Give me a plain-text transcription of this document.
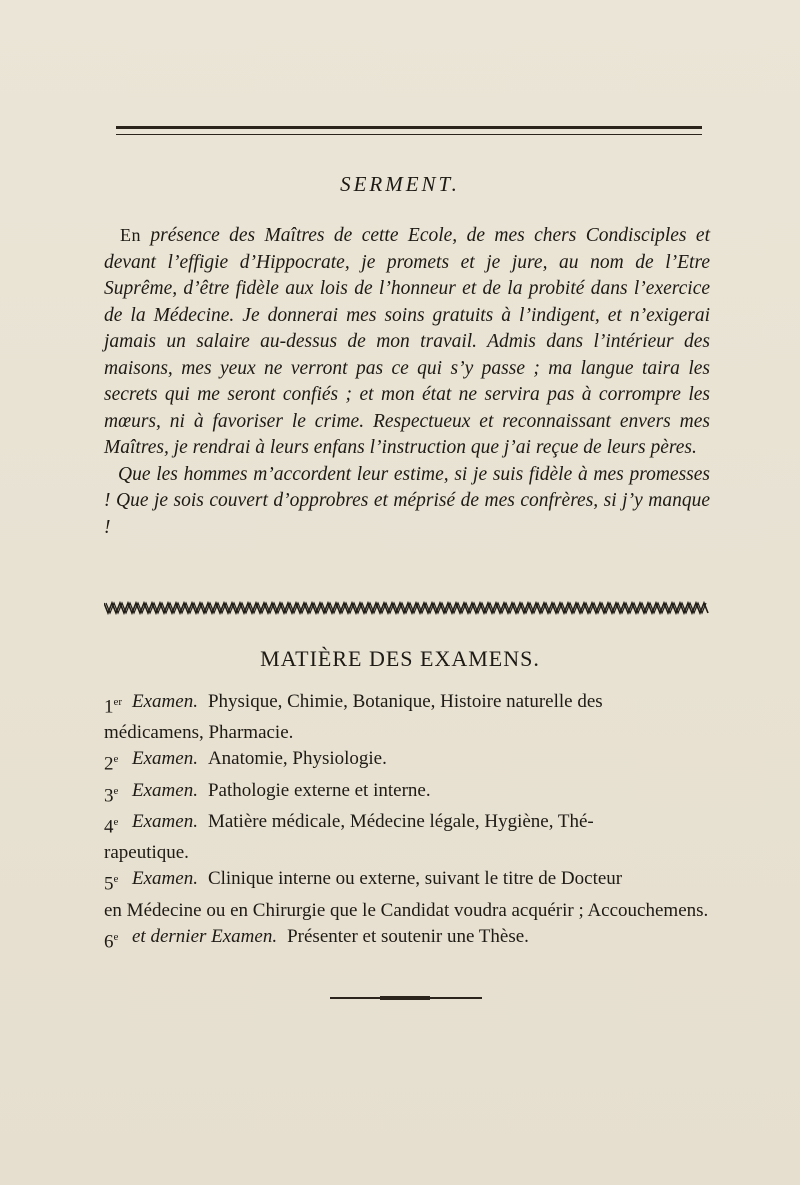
SERMENT.

En présence des Maîtres de cette Ecole, de mes chers Condisciples et devant l’effigie d’Hippocrate, je promets et je jure, au nom de l’Etre Suprême, d’être fidèle aux lois de l’honneur et de la probité dans l’exercice de la Médecine. Je donnerai mes soins gratuits à l’indigent, et n’exigerai jamais un salaire au-dessus de mon travail. Admis dans l’intérieur des maisons, mes yeux ne verront pas ce qui s’y passe ; ma langue taira les secrets qui me seront confiés ; et mon état ne servira pas à corrompre les mœurs, ni à favoriser le crime. Respectueux et reconnaissant envers mes Maîtres, je rendrai à leurs enfans l’instruction que j’ai reçue de leurs pères.

Que les hommes m’accordent leur estime, si je suis fidèle à mes promesses ! Que je sois couvert d’opprobres et méprisé de mes confrères, si j’y manque !

MATIÈRE DES EXAMENS.
1er Examen. Physique, Chimie, Botanique, Histoire naturelle des
médicamens, Pharmacie.
2e Examen. Anatomie, Physiologie.
3e Examen. Pathologie externe et interne.
4e Examen. Matière médicale, Médecine légale, Hygiène, Thé-
rapeutique.
5e Examen. Clinique interne ou externe, suivant le titre de Docteur
en Médecine ou en Chirurgie que le Candidat voudra acquérir ; Accouchemens.
6e et dernier Examen. Présenter et soutenir une Thèse.
